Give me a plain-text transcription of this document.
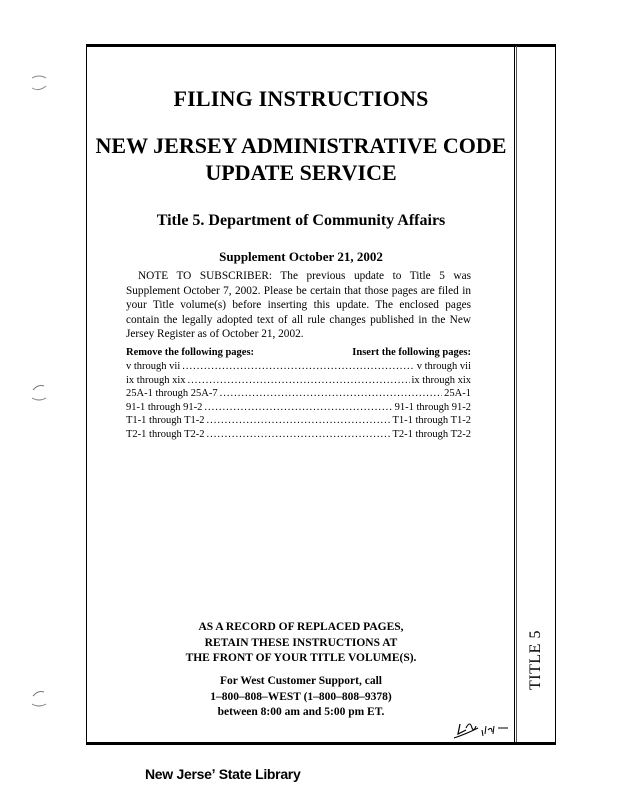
FILING INSTRUCTIONS
NEW JERSEY ADMINISTRATIVE CODE
UPDATE SERVICE
Title 5. Department of Community Affairs
Supplement October 21, 2002
NOTE TO SUBSCRIBER: The previous update to Title 5 was Supplement October 7, 2002. Please be certain that those pages are filed in your Title volume(s) before inserting this update. The enclosed pages contain the legally adopted text of all rule changes published in the New Jersey Register as of October 21, 2002.
Remove the following pages:	Insert the following pages:
v through vii .....	v through vii
ix through xix .....	ix through xix
25A-1 through 25A-7 .....	25A-1
91-1 through 91-2 .....	91-1 through 91-2
T1-1 through T1-2 .....	T1-1 through T1-2
T2-1 through T2-2 .....	T2-1 through T2-2
AS A RECORD OF REPLACED PAGES,
RETAIN THESE INSTRUCTIONS AT
THE FRONT OF YOUR TITLE VOLUME(S).
For West Customer Support, call
1–800–808–WEST (1–800–808–9378)
between 8:00 am and 5:00 pm ET.
TITLE 5
New Jerseʼ State Library
